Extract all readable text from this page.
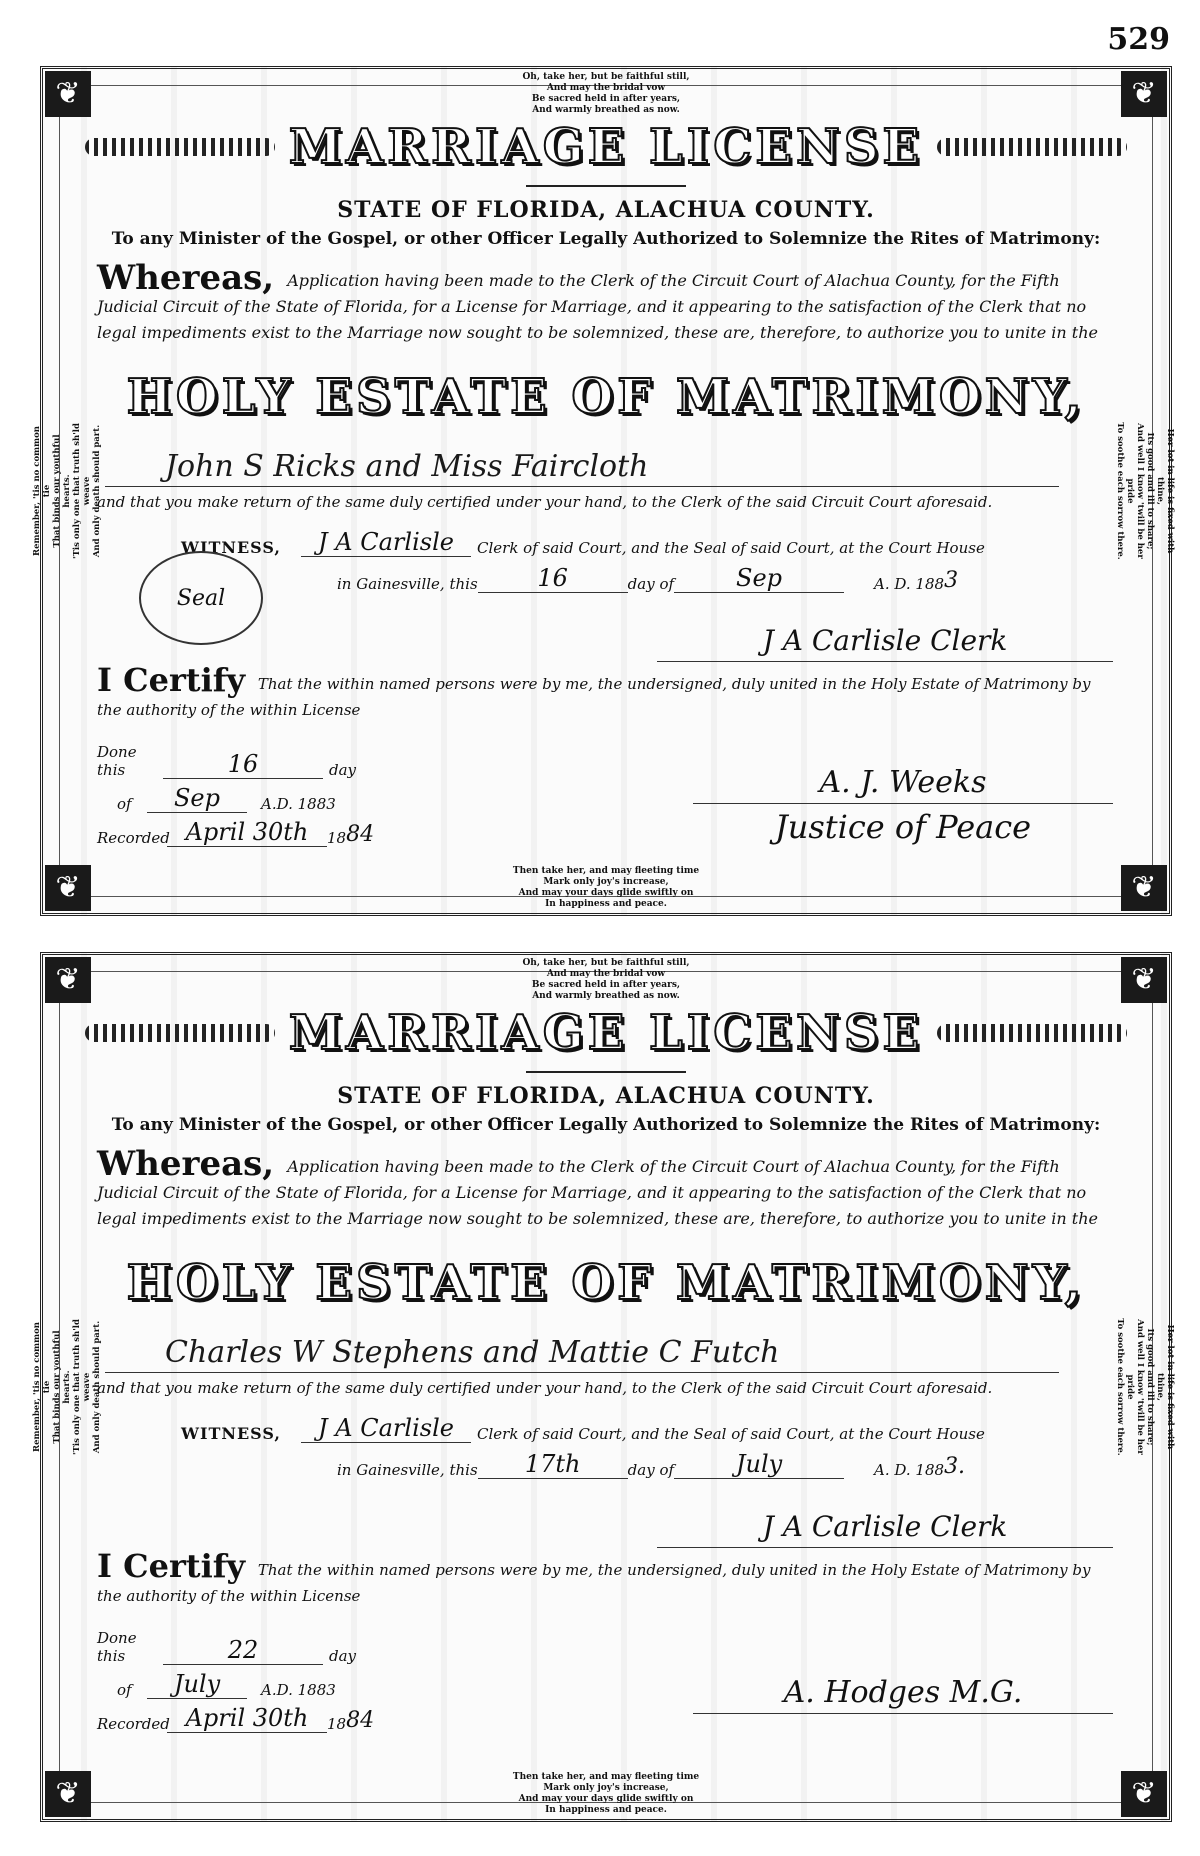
529
❦	❦
❦	❦
Oh, take her, but be faithful still,
And may the bridal vow
Be sacred held in after years,
And warmly breathed as now.
Then take her, and may fleeting time
Mark only joy's increase,
And may your days glide swiftly on
In happiness and peace.
Remember, 'tis no common tie
That binds our youthful hearts.
'Tis only one that truth sh'ld weave
And only death should part.	Her lot in life is fixed with thine,
Its good and ill to share;
And well I know 'twill be her pride
To soothe each sorrow there.
MARRIAGE LICENSE
STATE OF FLORIDA, ALACHUA COUNTY.
To any Minister of the Gospel, or other Officer Legally Authorized to Solemnize the Rites of Matrimony:
Whereas, Application having been made to the Clerk of the Circuit Court of Alachua County, for the Fifth Judicial Circuit of the State of Florida, for a License for Marriage, and it appearing to the satisfaction of the Clerk that no legal impediments exist to the Marriage now sought to be solemnized, these are, therefore, to authorize you to unite in the
HOLY ESTATE OF MATRIMONY,
John S Ricks and Miss Faircloth
and that you make return of the same duly certified under your hand, to the Clerk of the said Circuit Court aforesaid.
WITNESS,	J A Carlisle	Clerk of said Court, and the Seal of said Court, at the Court House
in Gainesville, this	16	day of	Sep	A. D. 188 3
Seal
J A Carlisle Clerk
I Certify That the within named persons were by me, the undersigned, duly united in the Holy Estate of Matrimony by the authority of the within License
Done this	16	day
of	Sep	A.D. 188 3
Recorded April 30th	18 84
A. J. Weeks
Justice of Peace
❦	❦
❦	❦
Oh, take her, but be faithful still,
And may the bridal vow
Be sacred held in after years,
And warmly breathed as now.
Then take her, and may fleeting time
Mark only joy's increase,
And may your days glide swiftly on
In happiness and peace.
Remember, 'tis no common tie
That binds our youthful hearts.
'Tis only one that truth sh'ld weave
And only death should part.	Her lot in life is fixed with thine,
Its good and ill to share;
And well I know 'twill be her pride
To soothe each sorrow there.
MARRIAGE LICENSE
STATE OF FLORIDA, ALACHUA COUNTY.
To any Minister of the Gospel, or other Officer Legally Authorized to Solemnize the Rites of Matrimony:
Whereas, Application having been made to the Clerk of the Circuit Court of Alachua County, for the Fifth Judicial Circuit of the State of Florida, for a License for Marriage, and it appearing to the satisfaction of the Clerk that no legal impediments exist to the Marriage now sought to be solemnized, these are, therefore, to authorize you to unite in the
HOLY ESTATE OF MATRIMONY,
Charles W Stephens and Mattie C Futch
and that you make return of the same duly certified under your hand, to the Clerk of the said Circuit Court aforesaid.
WITNESS,	J A Carlisle	Clerk of said Court, and the Seal of said Court, at the Court House
in Gainesville, this	17th	day of	July	A. D. 188 3.
J A Carlisle Clerk
I Certify That the within named persons were by me, the undersigned, duly united in the Holy Estate of Matrimony by the authority of the within License
Done this	22	day
of	July	A.D. 188 3
Recorded April 30th	18 84
A. Hodges M.G.
